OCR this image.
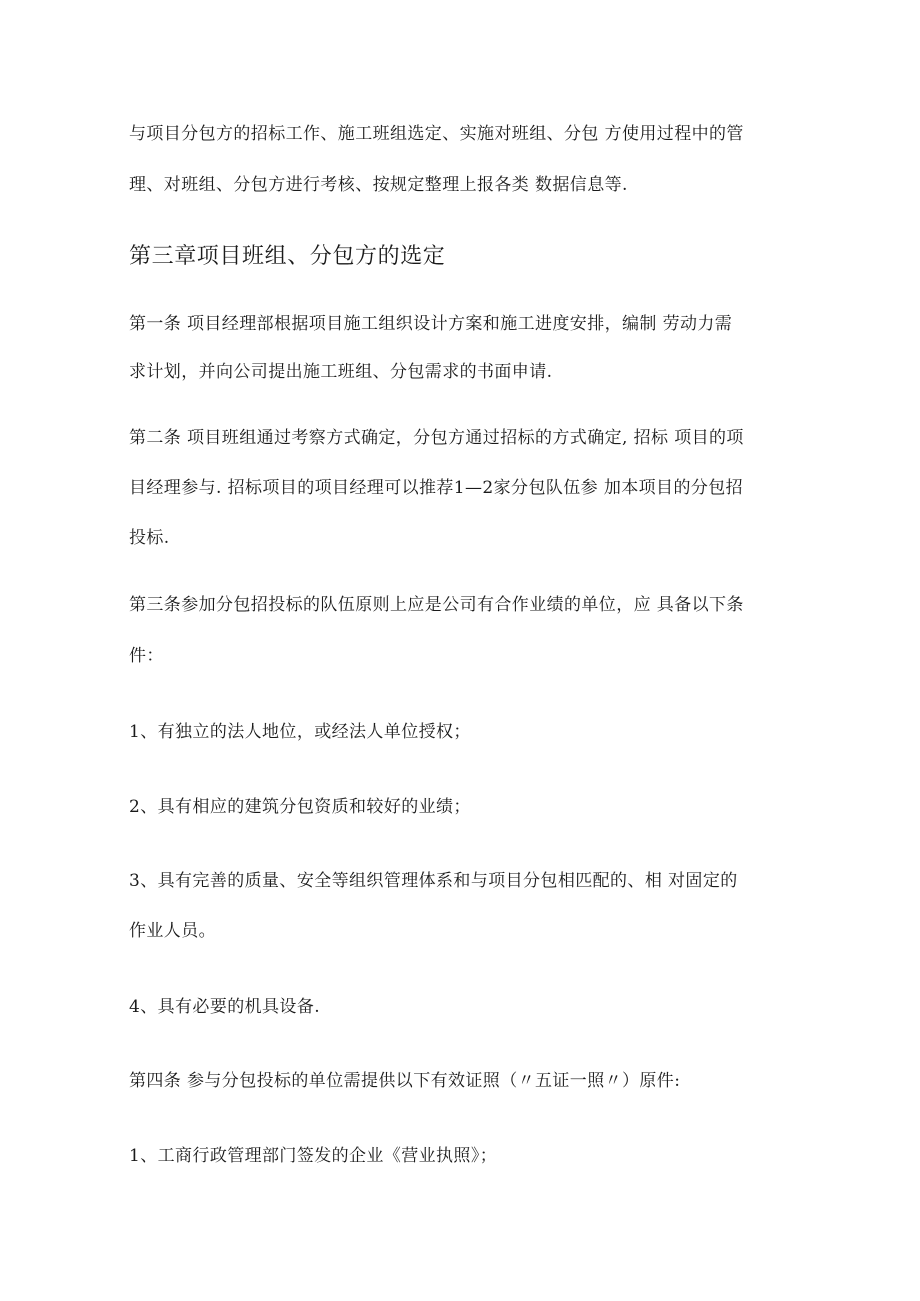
与项目分包方的招标工作、施工班组选定、实施对班组、分包 方使用过程中的管
理、对班组、分包方进行考核、按规定整理上报各类 数据信息等.
第三章项目班组、分包方的选定
第一条 项目经理部根据项目施工组织设计方案和施工进度安排，编制 劳动力需
求计划，并向公司提出施工班组、分包需求的书面申请.
第二条 项目班组通过考察方式确定，分包方通过招标的方式确定, 招标 项目的项
目经理参与. 招标项目的项目经理可以推荐1—2家分包队伍参 加本项目的分包招
投标.
第三条参加分包招投标的队伍原则上应是公司有合作业绩的单位，应 具备以下条
件：
1、有独立的法人地位，或经法人单位授权；
2、具有相应的建筑分包资质和较好的业绩；
3、具有完善的质量、安全等组织管理体系和与项目分包相匹配的、相 对固定的
作业人员。
4、具有必要的机具设备.
第四条 参与分包投标的单位需提供以下有效证照（〃五证一照〃）原件:
1、工商行政管理部门签发的企业《营业执照》；
